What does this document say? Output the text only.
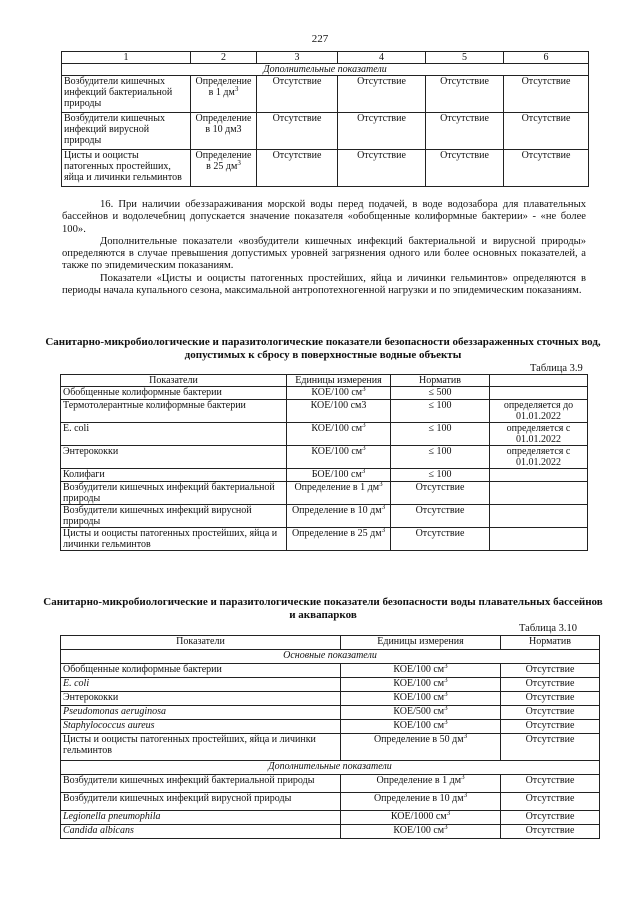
227
1	2	3	4	5	6
Дополнительные показатели					
Возбудители кишечных инфекций бактериальной природы	Определение в 1 $дм^3$	Отсутствие	Отсутствие	Отсутствие	Отсутствие
Возбудители кишечных инфекций вирусной природы	Определение в 10 дм3	Отсутствие	Отсутствие	Отсутствие	Отсутствие
Цисты и ооцисты патогенных простейших, яйца и личинки гельминтов	Определение в 25 $дм^3$	Отсутствие	Отсутствие	Отсутствие	Отсутствие

16. При наличии обеззараживания морской воды перед подачей, в воде водозабора для плавательных бассейнов и водолечебниц допускается значение показателя «обобщенные колиформные бактерии» - «не более 100».

Дополнительные показатели «возбудители кишечных инфекций бактериальной и вирусной природы» определяются в случае превышения допустимых уровней загрязнения одного или более основных показателей, а также по эпидемическим показаниям.

Показатели «Цисты и ооцисты патогенных простейших, яйца и личинки гельминтов» определяются в периоды начала купального сезона, максимальной антропотехногенной нагрузки и по эпидемическим показаниям.

Санитарно-микробиологические и паразитологические показатели безопасности обеззараженных сточных вод, допустимых к сбросу в поверхностные водные объекты
Таблица 3.9
Показатели	Единицы измерения	Норматив	
Обобщенные колиформные бактерии	КОЕ/100 $см^3$	≤ 500	
Термотолерантные колиформные бактерии	КОЕ/100 см3	≤ 100	определяется до 01.01.2022
E. coli	КОЕ/100 $см^3$	≤ 100	определяется с 01.01.2022
Энтерококки	КОЕ/100 $см^3$	≤ 100	определяется с 01.01.2022
Колифаги	БОЕ/100 $см^3$	≤ 100	
Возбудители кишечных инфекций бактериальной природы	Определение в 1 $дм^3$	Отсутствие	
Возбудители кишечных инфекций вирусной природы	Определение в 10 $дм^3$	Отсутствие	
Цисты и ооцисты патогенных простейших, яйца и личинки гельминтов	Определение в 25 $дм^3$	Отсутствие	
Санитарно-микробиологические и паразитологические показатели безопасности воды плавательных бассейнов и аквапарков
Таблица 3.10
Показатели	Единицы измерения	Норматив
Основные показатели		
Обобщенные колиформные бактерии	КОЕ/100 $см^3$	Отсутствие
E. coli	КОЕ/100 $см^3$	Отсутствие
Энтерококки	КОЕ/100 $см^3$	Отсутствие
Pseudomonas aeruginosa	КОЕ/500 $см^3$	Отсутствие
Staphylococcus aureus	КОЕ/100 $см^3$	Отсутствие
Цисты и ооцисты патогенных простейших, яйца и личинки гельминтов	Определение в 50 $дм^3$	Отсутствие
Дополнительные показатели		
Возбудители кишечных инфекций бактериальной природы	Определение в 1 $дм^3$	Отсутствие
Возбудители кишечных инфекций вирусной природы	Определение в 10 $дм^3$	Отсутствие
Legionella pneumophila	КОЕ/1000 $см^3$	Отсутствие
Candida albicans	КОЕ/100 $см^3$	Отсутствие
